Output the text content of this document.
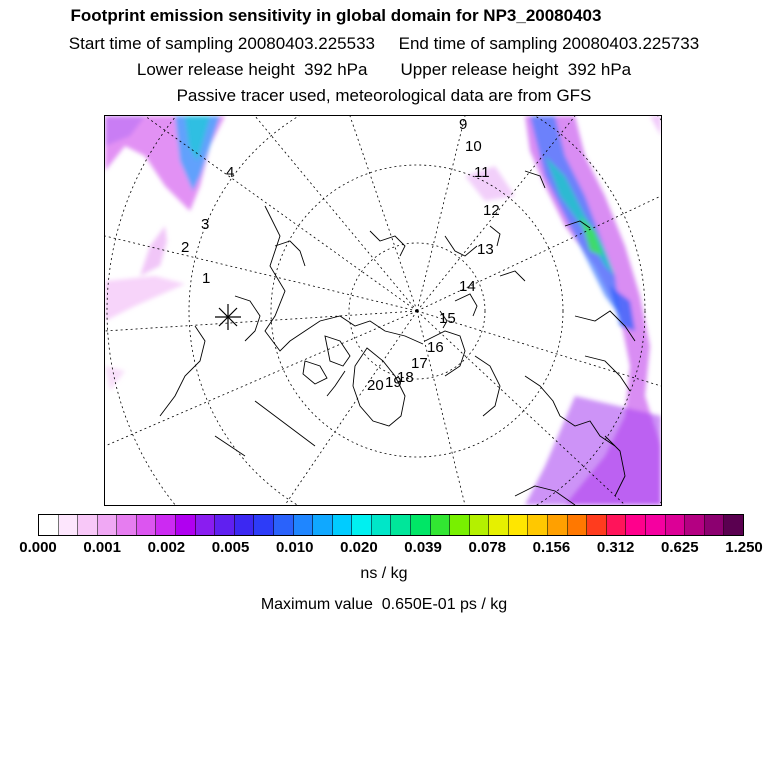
Footprint emission sensitivity in global domain for NP3_20080403
Start time of sampling 20080403.225533     End time of sampling 20080403.225733
Lower release height  392 hPa       Upper release height  392 hPa
Passive tracer used, meteorological data are from GFS
1
2
3
4
9
10
11
12
13
14
15
16
17
18
19
20
0.000 0.001 0.002 0.005 0.010 0.020 0.039 0.078 0.156 0.312 0.625 1.250
ns / kg
Maximum value  0.650E-01 ps / kg
